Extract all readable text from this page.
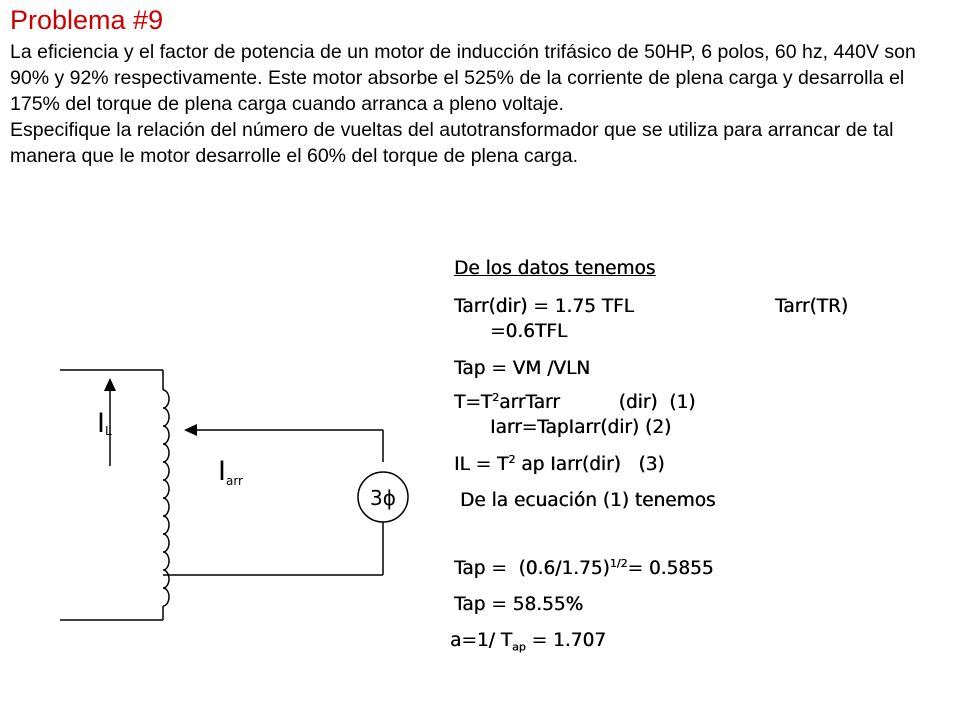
Problema #9

La eficiencia y el factor de potencia de un motor de inducción trifásico de 50HP, 6 polos, 60 hz, 440V son 90% y 92% respectivamente. Este motor absorbe el 525% de la corriente de plena carga y desarrolla el 175% del torque de plena carga cuando arranca a pleno voltaje.

Especifique la relación del número de vueltas del autotransformador que se utiliza para arrancar de tal manera que le motor desarrolle el 60% del torque de plena carga.

IL
Iarr
3ϕ
De los datos tenemos
Tarr(dir) = 1.75 TFL	Tarr(TR)
=0.6TFL
Tap = VM /VLN
$T=T^2arrTarr$          (dir)  (1)
Iarr=TapIarr(dir) (2)
IL = $T^2$ ap Iarr(dir)   (3)
De la ecuación (1) tenemos
Tap =  $(0.6/1.75)^{1/2}= 0.5855$
Tap = 58.55%
a=1/ $T_{ap} = 1.707$
